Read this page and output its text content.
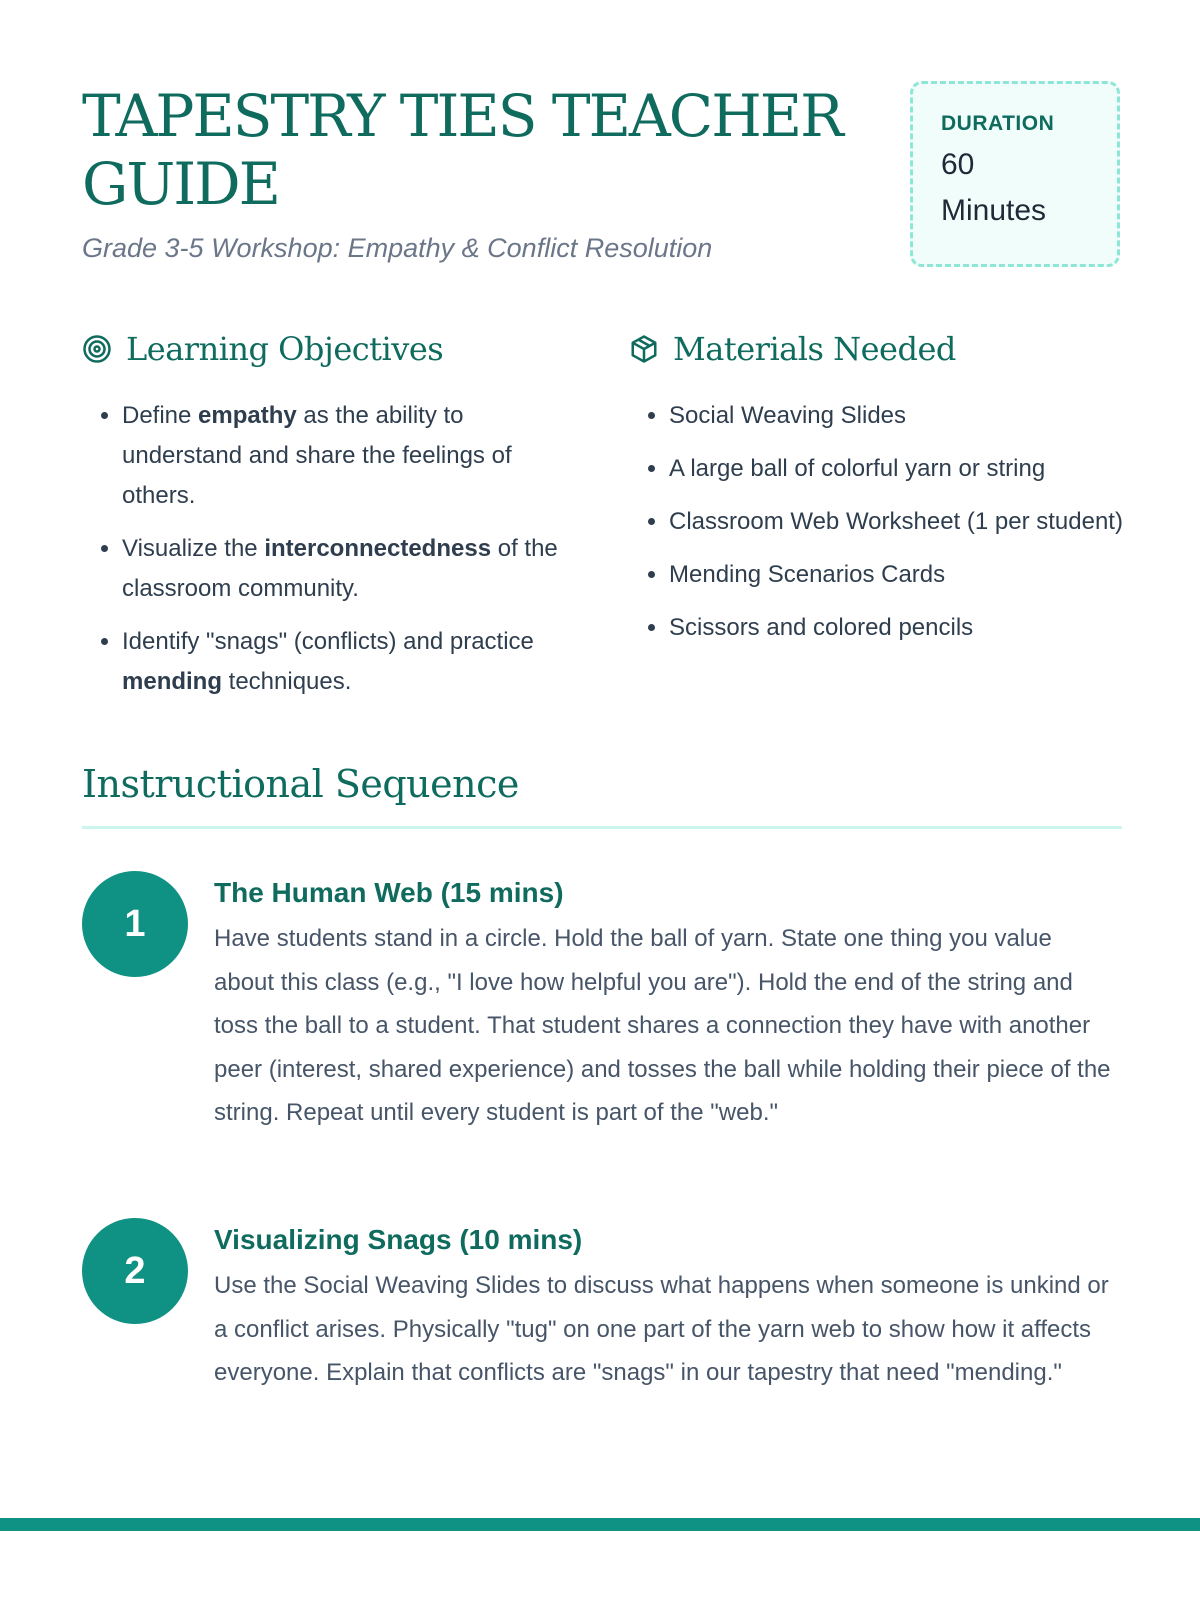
TAPESTRY TIES TEACHER GUIDE
Grade 3-5 Workshop: Empathy & Conflict Resolution
DURATION
60
Minutes
Learning Objectives
• Define empathy as the ability to understand and share the feelings of others.
• Visualize the interconnectedness of the classroom community.
• Identify "snags" (conflicts) and practice mending techniques.
Materials Needed
• Social Weaving Slides
• A large ball of colorful yarn or string
• Classroom Web Worksheet (1 per student)
• Mending Scenarios Cards
• Scissors and colored pencils
Instructional Sequence
1
The Human Web (15 mins)

Have students stand in a circle. Hold the ball of yarn. State one thing you value about this class (e.g., "I love how helpful you are"). Hold the end of the string and toss the ball to a student. That student shares a connection they have with another peer (interest, shared experience) and tosses the ball while holding their piece of the string. Repeat until every student is part of the "web."

2
Visualizing Snags (10 mins)

Use the Social Weaving Slides to discuss what happens when someone is unkind or a conflict arises. Physically "tug" on one part of the yarn web to show how it affects everyone. Explain that conflicts are "snags" in our tapestry that need "mending."
